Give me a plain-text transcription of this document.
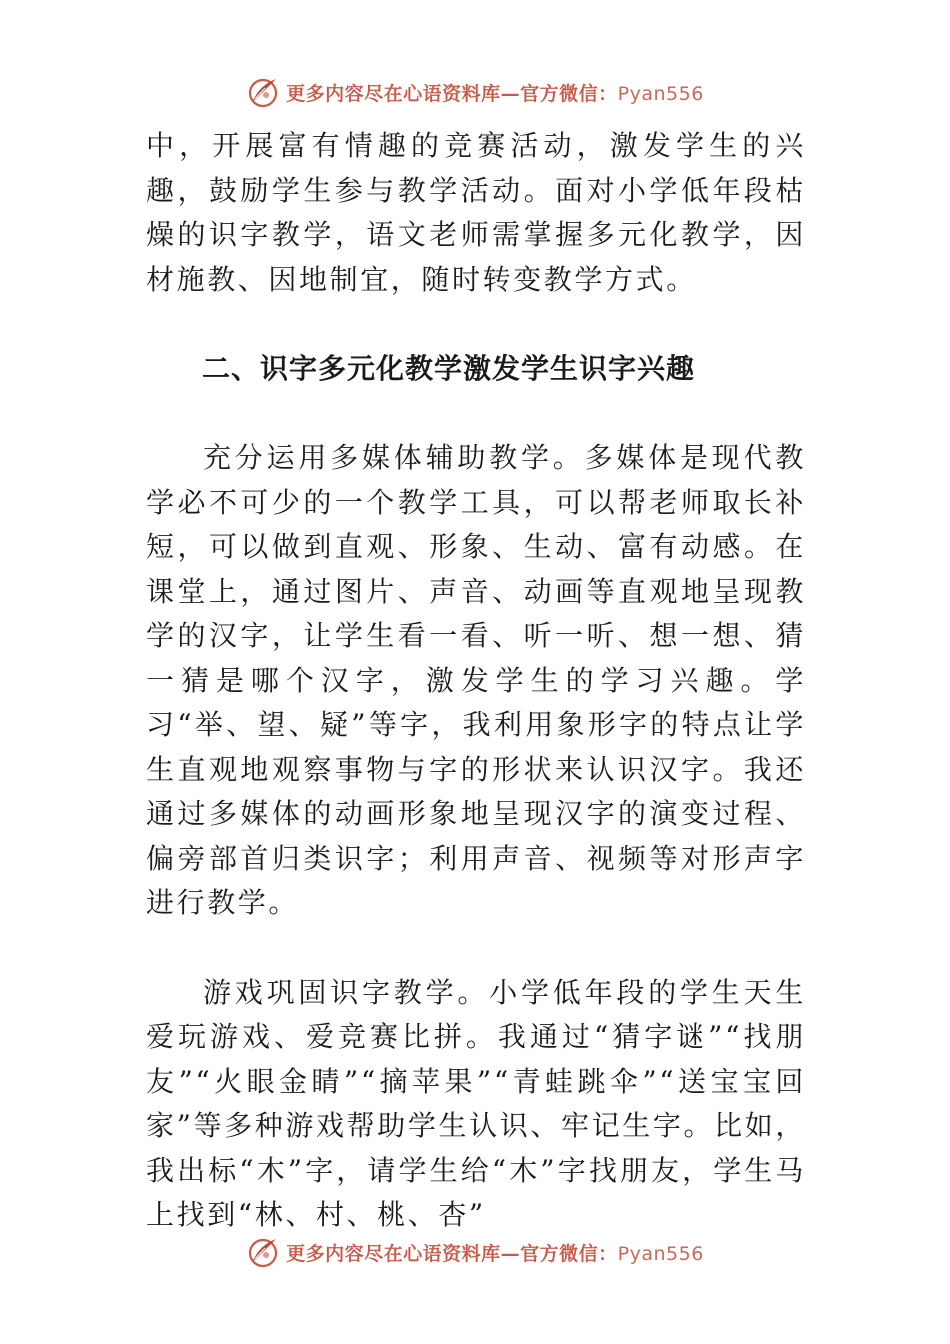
更多内容尽在心语资料库—官方微信：Pyan556

中，开展富有情趣的竞赛活动，激发学生的兴趣，鼓励学生参与教学活动。面对小学低年段枯燥的识字教学，语文老师需掌握多元化教学，因材施教、因地制宜，随时转变教学方式。

二、识字多元化教学激发学生识字兴趣

充分运用多媒体辅助教学。多媒体是现代教学必不可少的一个教学工具，可以帮老师取长补短，可以做到直观、形象、生动、富有动感。在课堂上，通过图片、声音、动画等直观地呈现教学的汉字，让学生看一看、听一听、想一想、猜一猜是哪个汉字，激发学生的学习兴趣。学习“举、望、疑”等字，我利用象形字的特点让学生直观地观察事物与字的形状来认识汉字。我还通过多媒体的动画形象地呈现汉字的演变过程、偏旁部首归类识字；利用声音、视频等对形声字进行教学。

游戏巩固识字教学。小学低年段的学生天生爱玩游戏、爱竞赛比拼。我通过“猜字谜”“找朋友”“火眼金睛”“摘苹果”“青蛙跳伞”“送宝宝回家”等多种游戏帮助学生认识、牢记生字。比如，我出标“木”字，请学生给“木”字找朋友，学生马上找到“林、村、桃、杏”

更多内容尽在心语资料库—官方微信：Pyan556
